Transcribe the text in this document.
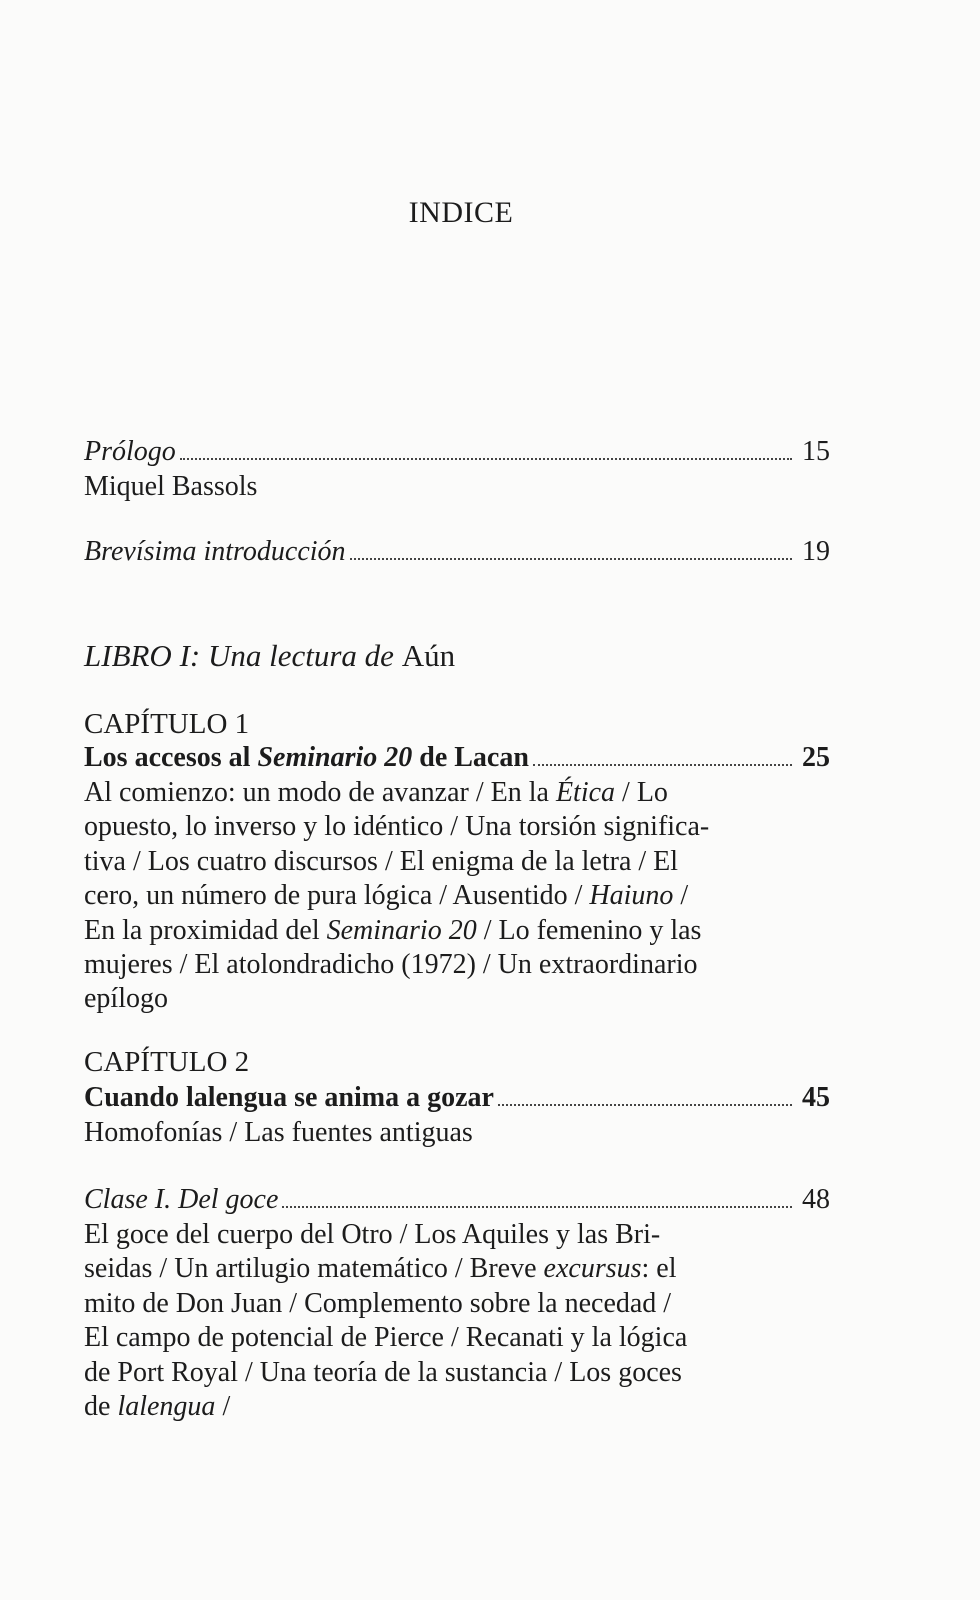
INDICE
Prólogo	15
Miquel Bassols
Brevísima introducción	19
LIBRO I: Una lectura de Aún
CAPÍTULO 1
Los accesos al Seminario 20 de Lacan	25
Al comienzo: un modo de avanzar / En la Ética / Lo
opuesto, lo inverso y lo idéntico / Una torsión significa-
tiva / Los cuatro discursos / El enigma de la letra / El
cero, un número de pura lógica / Ausentido / Haiuno /
En la proximidad del Seminario 20 / Lo femenino y las
mujeres / El atolondradicho (1972) / Un extraordinario
epílogo
CAPÍTULO 2
Cuando lalengua se anima a gozar	45
Homofonías / Las fuentes antiguas
Clase I. Del goce	48
El goce del cuerpo del Otro / Los Aquiles y las Bri-
seidas / Un artilugio matemático / Breve excursus: el
mito de Don Juan / Complemento sobre la necedad /
El campo de potencial de Pierce / Recanati y la lógica
de Port Royal / Una teoría de la sustancia / Los goces
de lalengua /
